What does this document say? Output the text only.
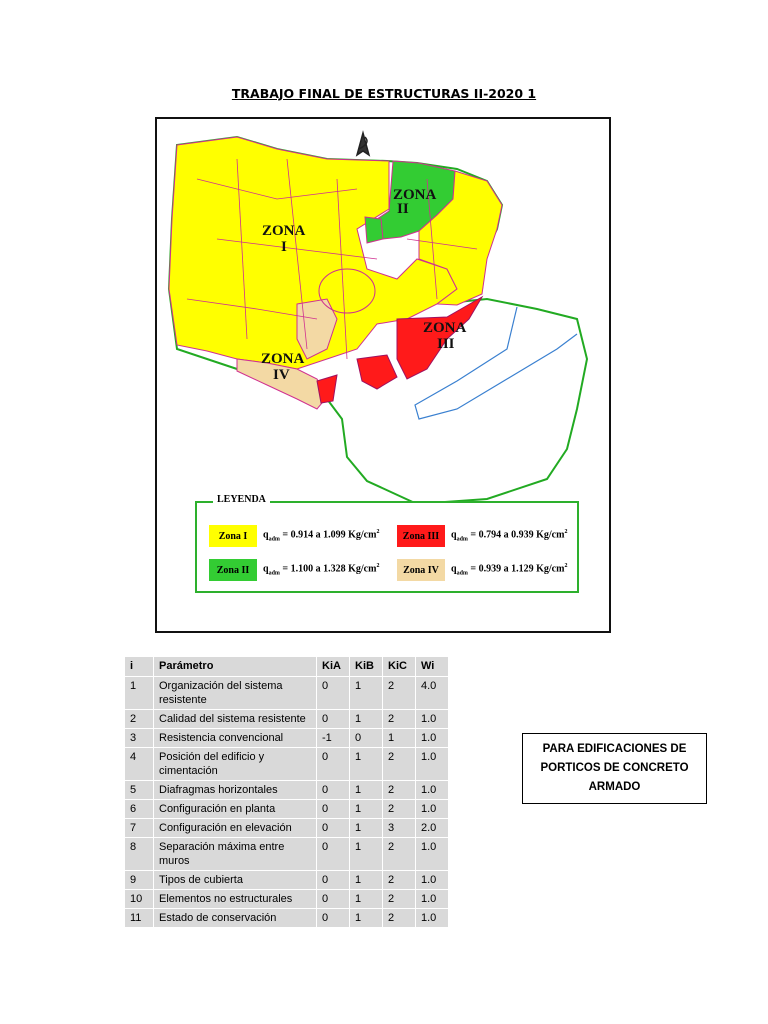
TRABAJO FINAL DE ESTRUCTURAS II-2020 1
ZONA
II
ZONA
I
ZONA
III
ZONA
IV
LEYENDA
Zona I	$q_{adm} = 0.914$ a 1.099 $Kg/cm^2$
Zona II	$q_{adm} = 1.100$ a 1.328 $Kg/cm^2$
Zona III	$q_{adm} = 0.794$ a 0.939 $Kg/cm^2$
Zona IV	$q_{adm} = 0.939$ a 1.129 $Kg/cm^2$
i	Parámetro	KiA	KiB	KiC	Wi
1	Organización del sistema resistente	0	1	2	4.0
2	Calidad del sistema resistente	0	1	2	1.0
3	Resistencia convencional	-1	0	1	1.0
4	Posición del edificio y cimentación	0	1	2	1.0
5	Diafragmas horizontales	0	1	2	1.0
6	Configuración en planta	0	1	2	1.0
7	Configuración en elevación	0	1	3	2.0
8	Separación máxima entre muros	0	1	2	1.0
9	Tipos de cubierta	0	1	2	1.0
10	Elementos no estructurales	0	1	2	1.0
11	Estado de conservación	0	1	2	1.0
PARA EDIFICACIONES DE
PORTICOS DE CONCRETO
ARMADO
